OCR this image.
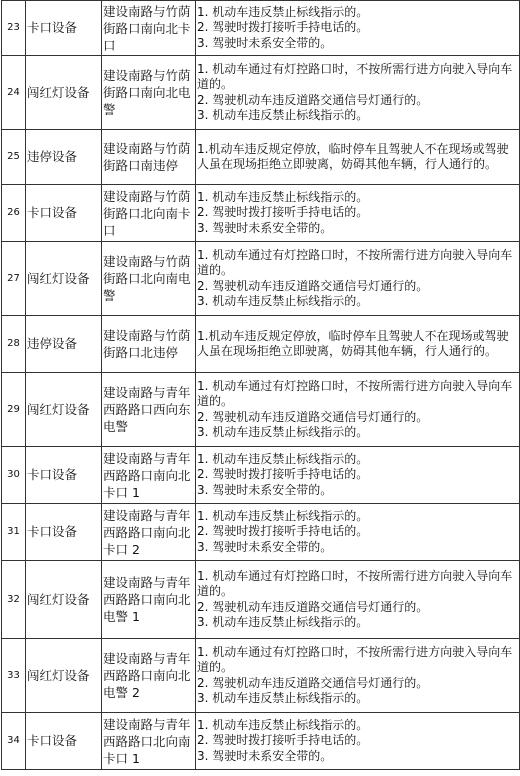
23	卡口设备	建设南路与竹荫街路口南向北卡口	1. 机动车违反禁止标线指示的。
2. 驾驶时拨打接听手持电话的。
3. 驾驶时未系安全带的。

24	闯红灯设备	建设南路与竹荫街路口南向北电警	1. 机动车通过有灯控路口时，不按所需行进方向驶入导向车道的。
2. 驾驶机动车违反道路交通信号灯通行的。
3. 机动车违反禁止标线指示的。

25	违停设备	建设南路与竹荫街路口南违停	1.机动车违反规定停放，临时停车且驾驶人不在现场或驾驶人虽在现场拒绝立即驶离，妨碍其他车辆，行人通行的。

26	卡口设备	建设南路与竹荫街路口北向南卡口	1. 机动车违反禁止标线指示的。
2. 驾驶时拨打接听手持电话的。
3. 驾驶时未系安全带的。

27	闯红灯设备	建设南路与竹荫街路口北向南电警	1. 机动车通过有灯控路口时，不按所需行进方向驶入导向车道的。
2. 驾驶机动车违反道路交通信号灯通行的。
3. 机动车违反禁止标线指示的。

28	违停设备	建设南路与竹荫街路口北违停	1.机动车违反规定停放，临时停车且驾驶人不在现场或驾驶人虽在现场拒绝立即驶离，妨碍其他车辆，行人通行的。

29	闯红灯设备	建设南路与青年西路路口西向东电警	1. 机动车通过有灯控路口时，不按所需行进方向驶入导向车道的。
2. 驾驶机动车违反道路交通信号灯通行的。
3. 机动车违反禁止标线指示的。

30	卡口设备	建设南路与青年西路路口南向北卡口 1	1. 机动车违反禁止标线指示的。
2. 驾驶时拨打接听手持电话的。
3. 驾驶时未系安全带的。

31	卡口设备	建设南路与青年西路路口南向北卡口 2	1. 机动车违反禁止标线指示的。
2. 驾驶时拨打接听手持电话的。
3. 驾驶时未系安全带的。

32	闯红灯设备	建设南路与青年西路路口南向北电警 1	1. 机动车通过有灯控路口时，不按所需行进方向驶入导向车道的。
2. 驾驶机动车违反道路交通信号灯通行的。
3. 机动车违反禁止标线指示的。

33	闯红灯设备	建设南路与青年西路路口南向北电警 2	1. 机动车通过有灯控路口时，不按所需行进方向驶入导向车道的。
2. 驾驶机动车违反道路交通信号灯通行的。
3. 机动车违反禁止标线指示的。

34	卡口设备	建设南路与青年西路路口北向南卡口 1	1. 机动车违反禁止标线指示的。
2. 驾驶时拨打接听手持电话的。
3. 驾驶时未系安全带的。
